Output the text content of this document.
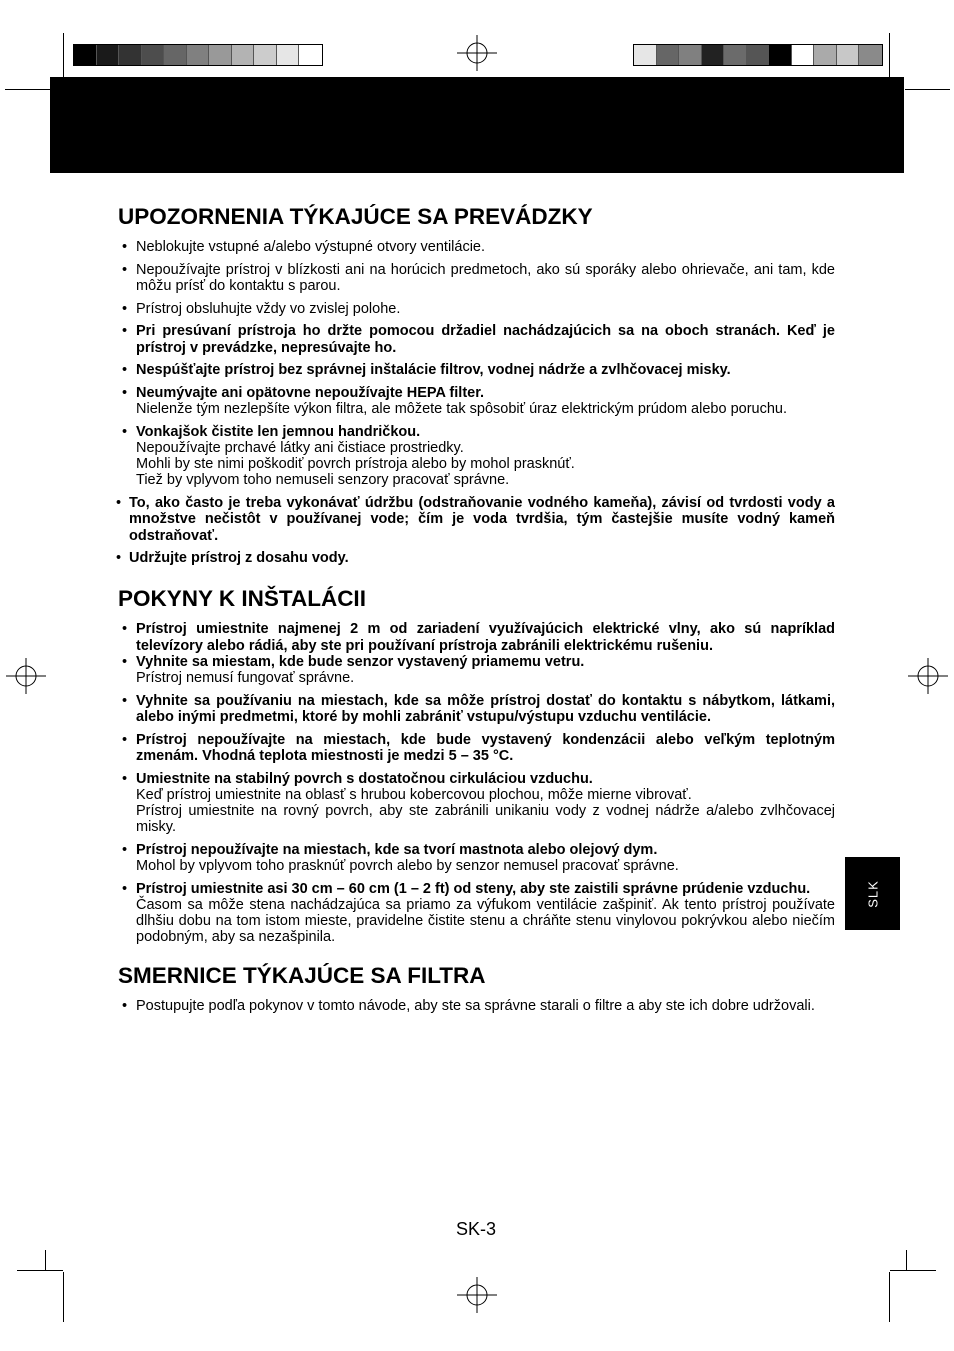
UPOZORNENIA TÝKAJÚCE SA PREVÁDZKY
• Neblokujte vstupné a/alebo výstupné otvory ventilácie.
• Nepoužívajte prístroj v blízkosti ani na horúcich predmetoch, ako sú sporáky alebo ohrievače, ani tam, kde môžu prísť do kontaktu s parou.
• Prístroj obsluhujte vždy vo zvislej polohe.
• Pri presúvaní prístroja ho držte pomocou držadiel nachádzajúcich sa na oboch stranách. Keď je prístroj v prevádzke, nepresúvajte ho.
• Nespúšťajte prístroj bez správnej inštalácie filtrov, vodnej nádrže a zvlhčovacej misky.
• Neumývajte ani opätovne nepoužívajte HEPA filter.
Nielenže tým nezlepšíte výkon filtra, ale môžete tak spôsobiť úraz elektrickým prúdom alebo poruchu.
• Vonkajšok čistite len jemnou handričkou.
Nepoužívajte prchavé látky ani čistiace prostriedky.
Mohli by ste nimi poškodiť povrch prístroja alebo by mohol prasknúť.
Tiež by vplyvom toho nemuseli senzory pracovať správne.
• To, ako často je treba vykonávať údržbu (odstraňovanie vodného kameňa), závisí od tvrdosti vody a množstve nečistôt v používanej vode; čím je voda tvrdšia, tým častejšie musíte vodný kameň odstraňovať.
• Udržujte prístroj z dosahu vody.
POKYNY K INŠTALÁCII
• Prístroj umiestnite najmenej 2 m od zariadení využívajúcich elektrické vlny, ako sú napríklad televízory alebo rádiá, aby ste pri používaní prístroja zabránili elektrickému rušeniu.
• Vyhnite sa miestam, kde bude senzor vystavený priamemu vetru.
Prístroj nemusí fungovať správne.
• Vyhnite sa používaniu na miestach, kde sa môže prístroj dostať do kontaktu s nábytkom, látkami, alebo inými predmetmi, ktoré by mohli zabrániť vstupu/výstupu vzduchu ventilácie.
• Prístroj nepoužívajte na miestach, kde bude vystavený kondenzácii alebo veľkým teplotným zmenám. Vhodná teplota miestnosti je medzi 5 – 35 °C.
• Umiestnite na stabilný povrch s dostatočnou cirkuláciou vzduchu.
Keď prístroj umiestnite na oblasť s hrubou kobercovou plochou, môže mierne vibrovať.
Prístroj umiestnite na rovný povrch, aby ste zabránili unikaniu vody z vodnej nádrže a/alebo zvlhčovacej misky.
• Prístroj nepoužívajte na miestach, kde sa tvorí mastnota alebo olejový dym.
Mohol by vplyvom toho prasknúť povrch alebo by senzor nemusel pracovať správne.
• Prístroj umiestnite asi 30 cm – 60 cm (1 – 2 ft) od steny, aby ste zaistili správne prúdenie vzduchu.
Časom sa môže stena nachádzajúca sa priamo za výfukom ventilácie zašpiniť. Ak tento prístroj používate dlhšiu dobu na tom istom mieste, pravidelne čistite stenu a chráňte stenu vinylovou pokrývkou alebo niečím podobným, aby sa nezašpinila.
SMERNICE TÝKAJÚCE SA FILTRA
• Postupujte podľa pokynov v tomto návode, aby ste sa správne starali o filtre a aby ste ich dobre udržovali.
SLK
SK-3
